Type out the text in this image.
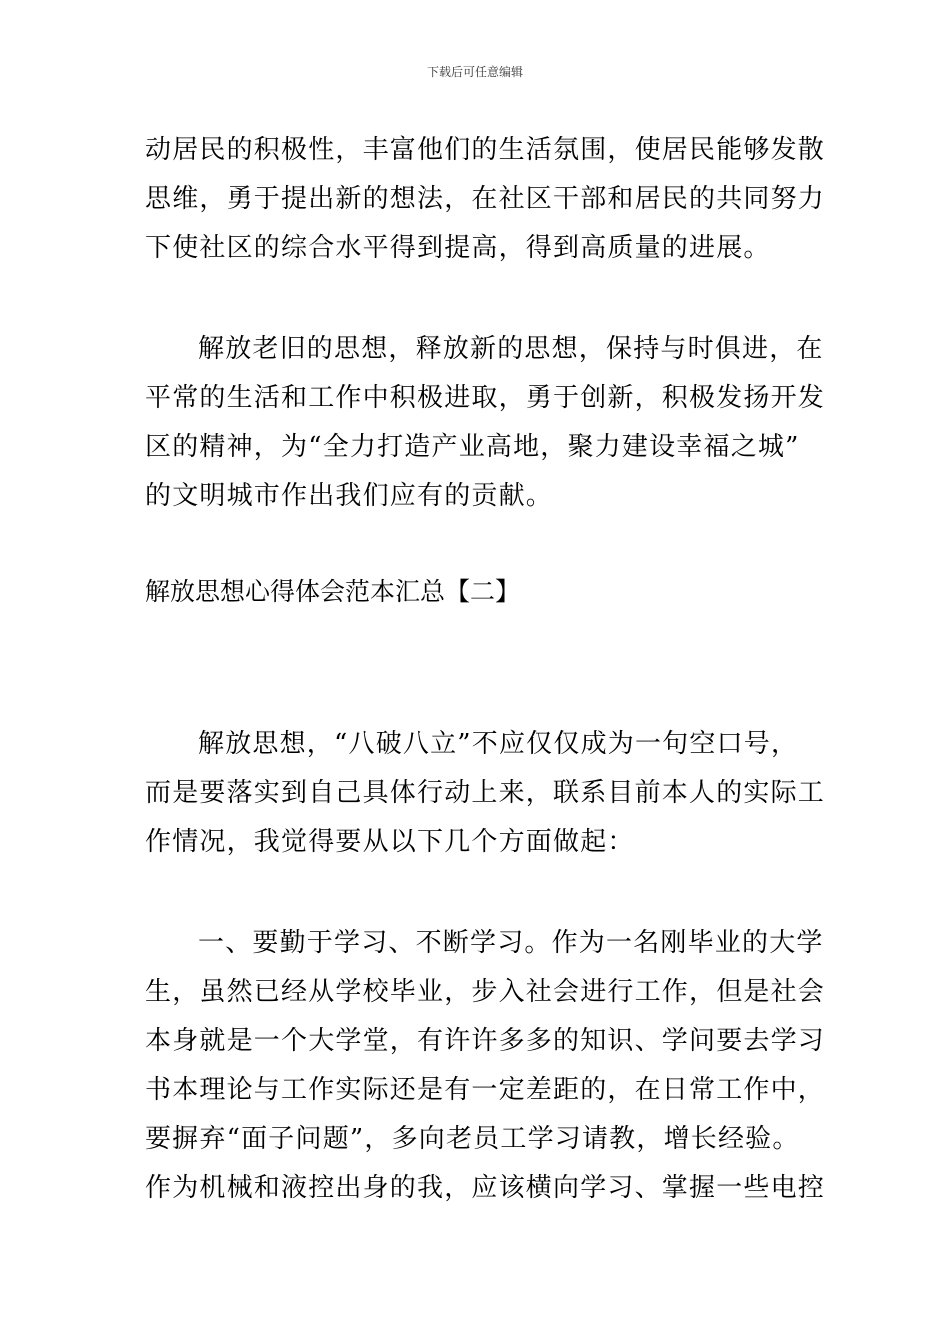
下载后可任意编辑
动居民的积极性，丰富他们的生活氛围，使居民能够发散
思维，勇于提出新的想法，在社区干部和居民的共同努力
下使社区的综合水平得到提高，得到高质量的进展。
解放老旧的思想，释放新的思想，保持与时俱进，在
平常的生活和工作中积极进取，勇于创新，积极发扬开发
区的精神，为“全力打造产业高地，聚力建设幸福之城”
的文明城市作出我们应有的贡献。
解放思想心得体会范本汇总【二】
解放思想，“八破八立”不应仅仅成为一句空口号，
而是要落实到自己具体行动上来，联系目前本人的实际工
作情况，我觉得要从以下几个方面做起：
一、要勤于学习、不断学习。作为一名刚毕业的大学
生，虽然已经从学校毕业，步入社会进行工作，但是社会
本身就是一个大学堂，有许许多多的知识、学问要去学习
书本理论与工作实际还是有一定差距的，在日常工作中，
要摒弃“面子问题”，多向老员工学习请教，增长经验。
作为机械和液控出身的我，应该横向学习、掌握一些电控
